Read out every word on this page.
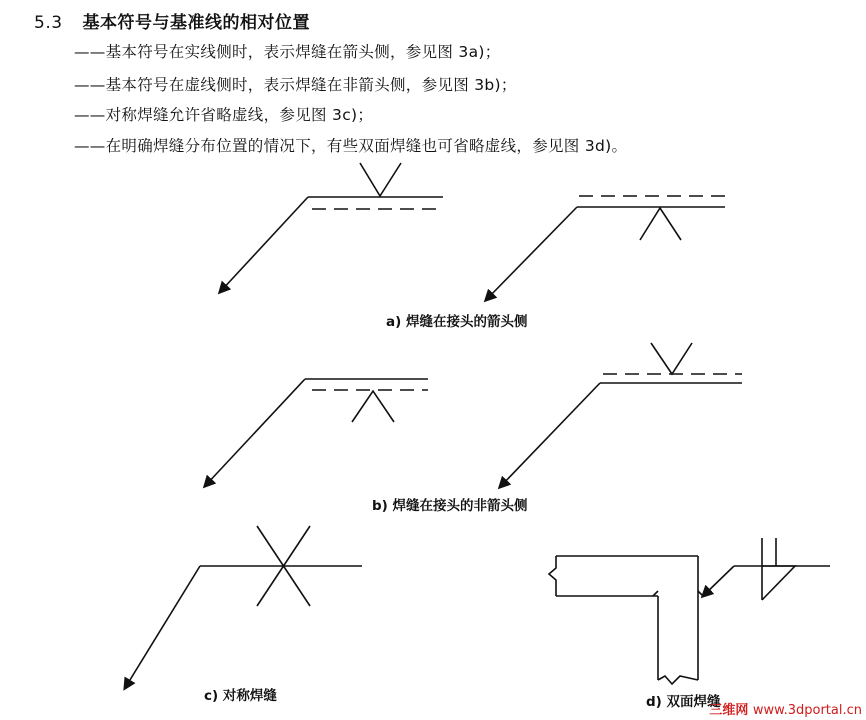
5.3 基本符号与基准线的相对位置
——基本符号在实线侧时，表示焊缝在箭头侧，参见图 3a)；
——基本符号在虚线侧时，表示焊缝在非箭头侧，参见图 3b)；
——对称焊缝允许省略虚线，参见图 3c)；
——在明确焊缝分布位置的情况下，有些双面焊缝也可省略虚线，参见图 3d)。
a) 焊缝在接头的箭头侧
b) 焊缝在接头的非箭头侧
c) 对称焊缝	d) 双面焊缝
三维网 www.3dportal.cn
